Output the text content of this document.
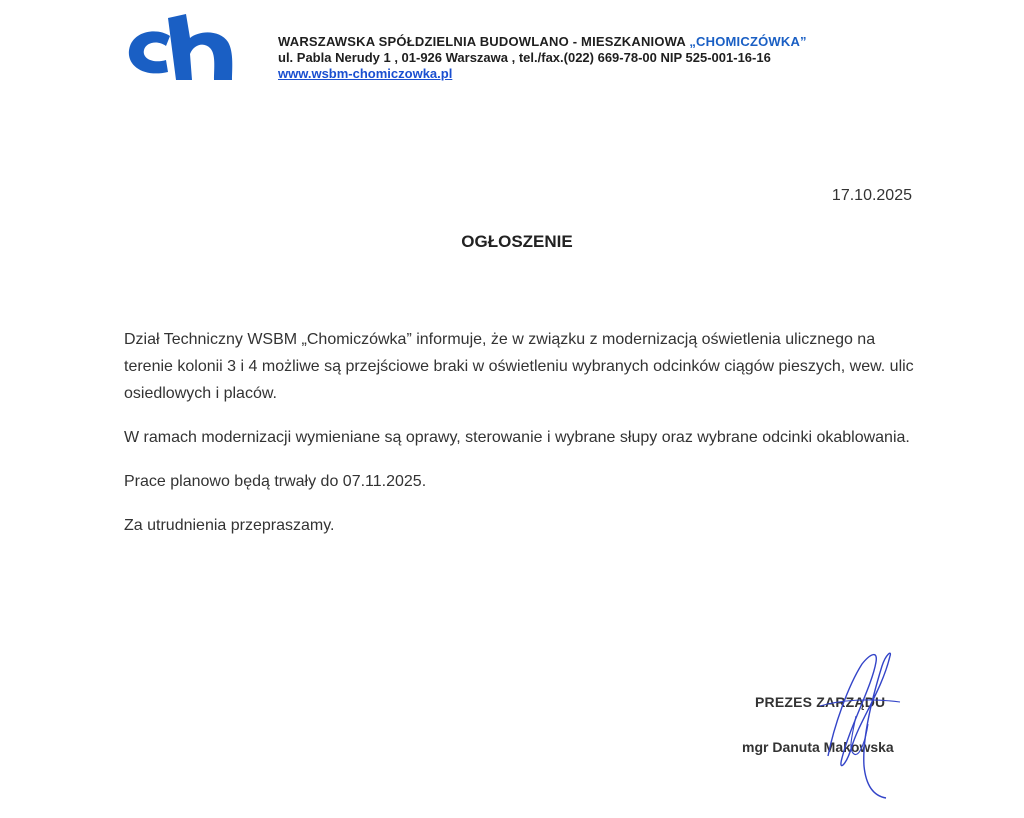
WARSZAWSKA SPÓŁDZIELNIA BUDOWLANO - MIESZKANIOWA „CHOMICZÓWKA”
ul. Pabla Nerudy 1 , 01-926 Warszawa , tel./fax.(022) 669-78-00 NIP 525-001-16-16
www.wsbm-chomiczowka.pl
17.10.2025
OGŁOSZENIE

Dział Techniczny WSBM „Chomiczówka” informuje, że w związku z modernizacją oświetlenia ulicznego na terenie kolonii 3 i 4 możliwe są przejściowe braki w oświetleniu wybranych odcinków ciągów pieszych, wew. ulic osiedlowych i placów.

W ramach modernizacji wymieniane są oprawy, sterowanie i wybrane słupy oraz wybrane odcinki okablowania.

Prace planowo będą trwały do 07.11.2025.

Za utrudnienia przepraszamy.

PREZES ZARZĄDU
mgr Danuta Makowska
